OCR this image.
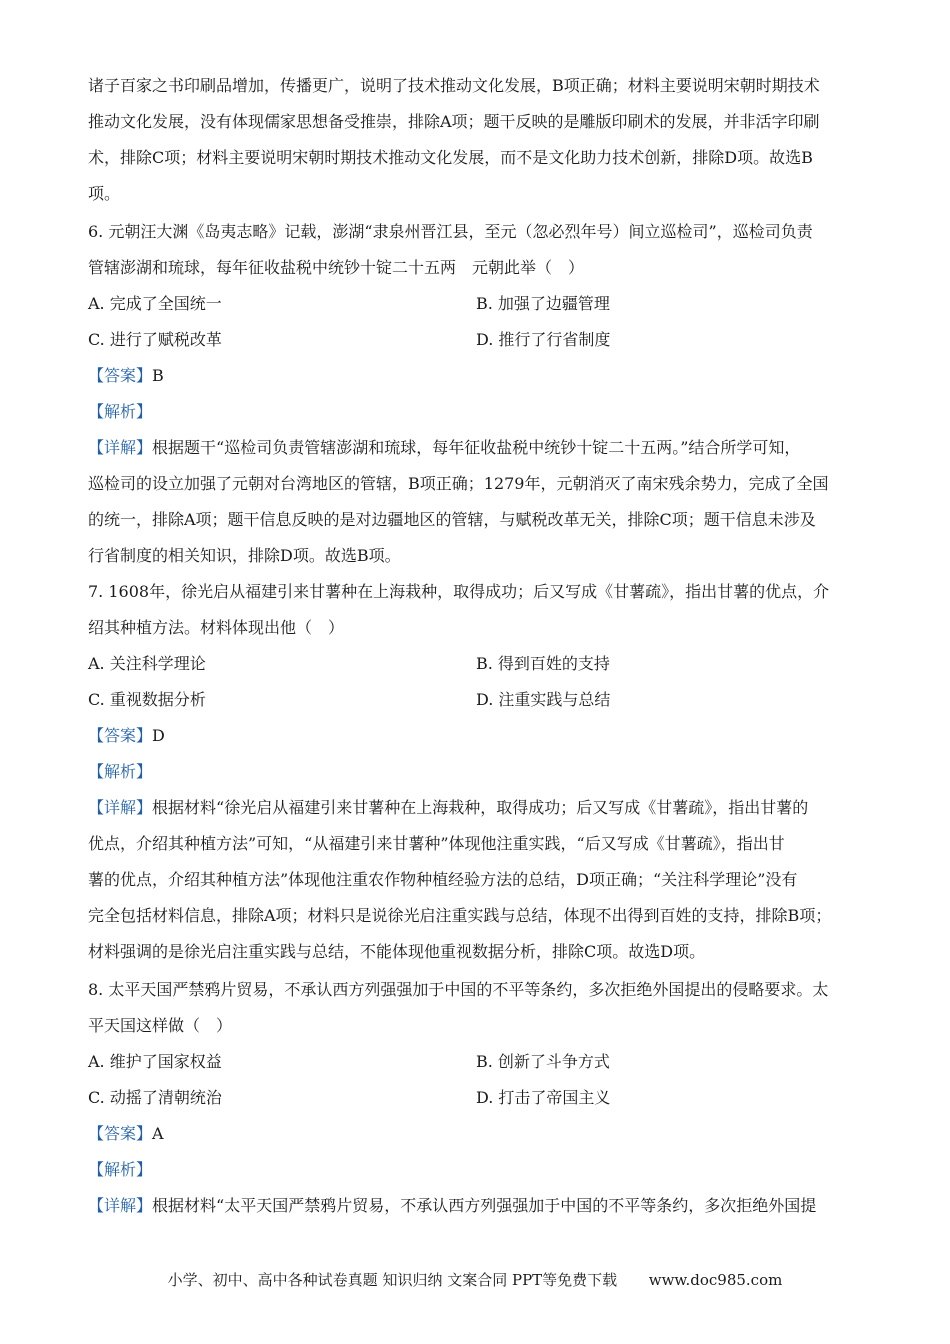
诸子百家之书印刷品增加，传播更广，说明了技术推动文化发展，B项正确；材料主要说明宋朝时期技术
推动文化发展，没有体现儒家思想备受推崇，排除A项；题干反映的是雕版印刷术的发展，并非活字印刷
术，排除C项；材料主要说明宋朝时期技术推动文化发展，而不是文化助力技术创新，排除D项。故选B
项。
6. 元朝汪大渊《岛夷志略》记载，澎湖“隶泉州晋江县，至元（忽必烈年号）间立巡检司”，巡检司负责
管辖澎湖和琉球，每年征收盐税中统钞十锭二十五两　元朝此举（　）
A. 完成了全国统一	B. 加强了边疆管理
C. 进行了赋税改革	D. 推行了行省制度
【答案】B
【解析】
【详解】根据题干“巡检司负责管辖澎湖和琉球，每年征收盐税中统钞十锭二十五两。”结合所学可知，
巡检司的设立加强了元朝对台湾地区的管辖，B项正确；1279年，元朝消灭了南宋残余势力，完成了全国
的统一，排除A项；题干信息反映的是对边疆地区的管辖，与赋税改革无关，排除C项；题干信息未涉及
行省制度的相关知识，排除D项。故选B项。
7. 1608年，徐光启从福建引来甘薯种在上海栽种，取得成功；后又写成《甘薯疏》，指出甘薯的优点，介
绍其种植方法。材料体现出他（　）
A. 关注科学理论	B. 得到百姓的支持
C. 重视数据分析	D. 注重实践与总结
【答案】D
【解析】
【详解】根据材料“徐光启从福建引来甘薯种在上海栽种，取得成功；后又写成《甘薯疏》，指出甘薯的
优点，介绍其种植方法”可知，“从福建引来甘薯种”体现他注重实践，“后又写成《甘薯疏》，指出甘
薯的优点，介绍其种植方法”体现他注重农作物种植经验方法的总结，D项正确；“关注科学理论”没有
完全包括材料信息，排除A项；材料只是说徐光启注重实践与总结，体现不出得到百姓的支持，排除B项；
材料强调的是徐光启注重实践与总结，不能体现他重视数据分析，排除C项。故选D项。
8. 太平天国严禁鸦片贸易，不承认西方列强强加于中国的不平等条约，多次拒绝外国提出的侵略要求。太
平天国这样做（　）
A. 维护了国家权益	B. 创新了斗争方式
C. 动摇了清朝统治	D. 打击了帝国主义
【答案】A
【解析】
【详解】根据材料“太平天国严禁鸦片贸易，不承认西方列强强加于中国的不平等条约，多次拒绝外国提
小学、初中、高中各种试卷真题 知识归纳 文案合同 PPT等免费下载 www.doc985.com
